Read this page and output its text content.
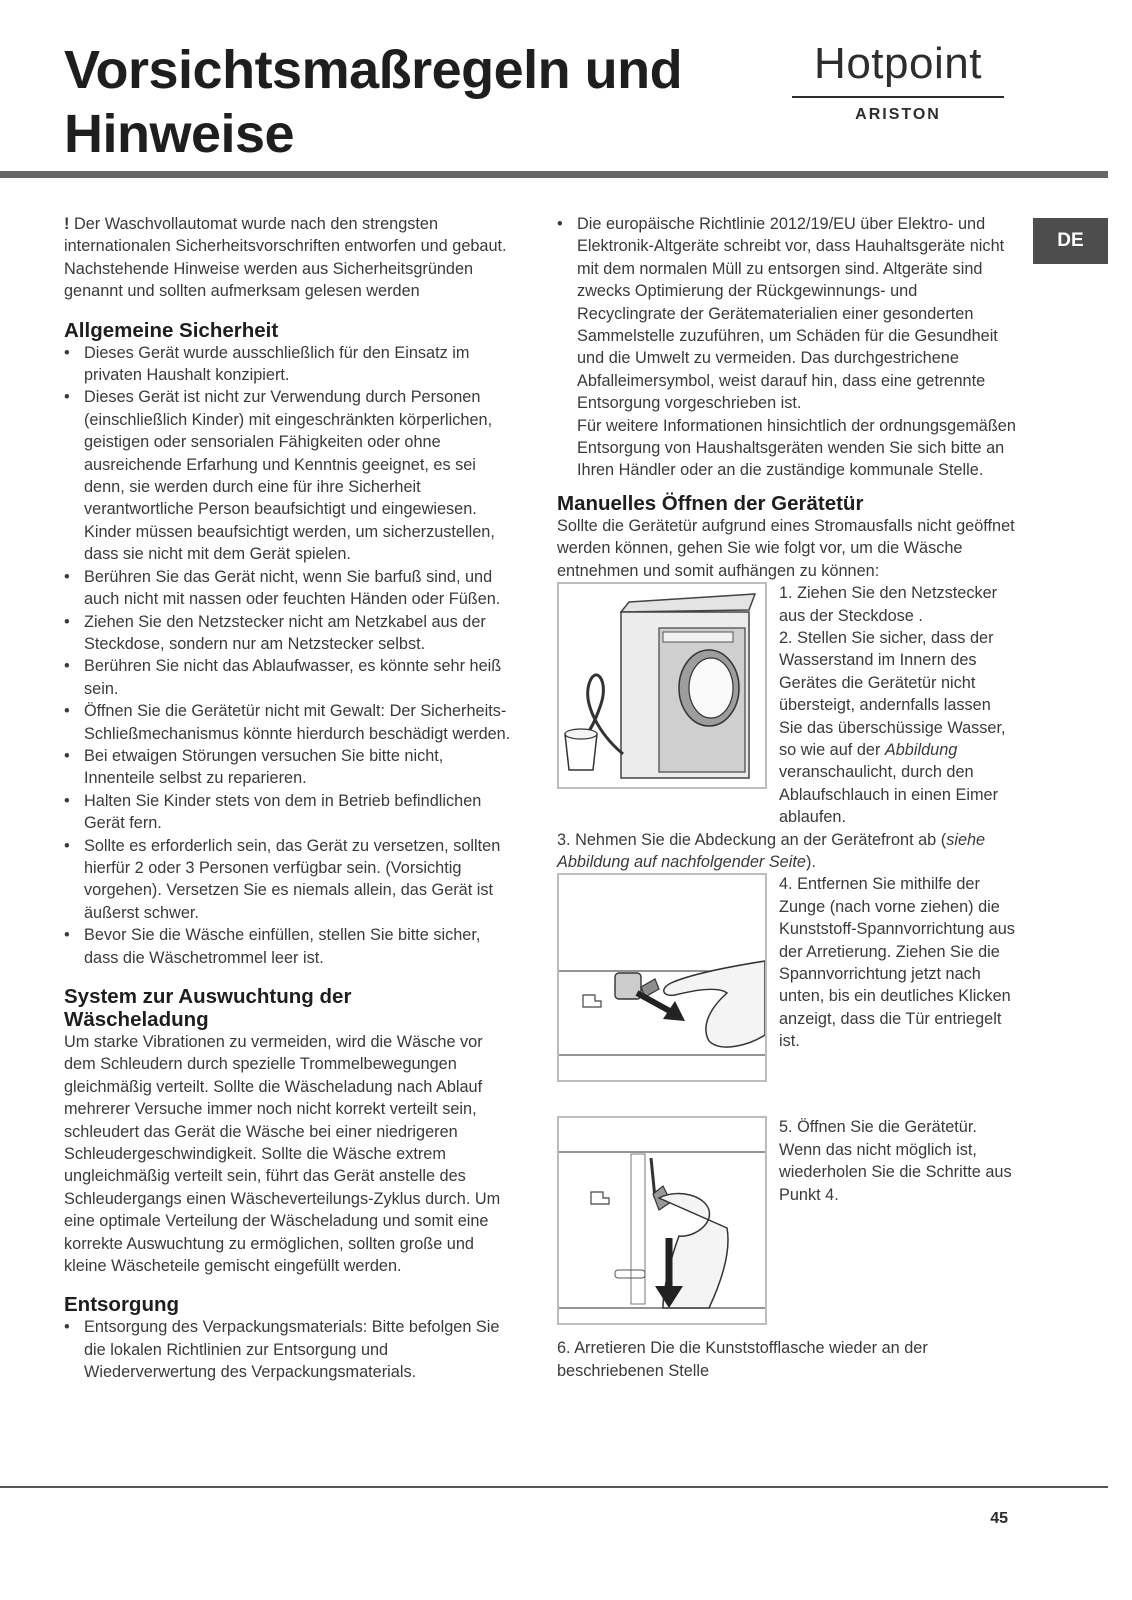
Vorsichtsmaßregeln und
Hinweise
Hotpoint
ARISTON
DE

! Der Waschvollautomat wurde nach den strengsten internationalen Sicherheitsvorschriften entworfen und gebaut. Nachstehende Hinweise werden aus Sicherheitsgründen genannt und sollten aufmerksam gelesen werden

Allgemeine Sicherheit
• Dieses Gerät wurde ausschließlich für den Einsatz im privaten Haushalt konzipiert.
• Dieses Gerät ist nicht zur Verwendung durch Personen (einschließlich Kinder) mit eingeschränkten körperlichen, geistigen oder sensorialen Fähigkeiten oder ohne ausreichende Erfarhung und Kenntnis geeignet, es sei denn, sie werden durch eine für ihre Sicherheit verantwortliche Person beaufsichtigt und eingewiesen. Kinder müssen beaufsichtigt werden, um sicherzustellen, dass sie nicht mit dem Gerät spielen.
• Berühren Sie das Gerät nicht, wenn Sie barfuß sind, und auch nicht mit nassen oder feuchten Händen oder Füßen.
• Ziehen Sie den Netzstecker nicht am Netzkabel aus der Steckdose, sondern nur am Netzstecker selbst.
• Berühren Sie nicht das Ablaufwasser, es könnte sehr heiß sein.
• Öffnen Sie die Gerätetür nicht mit Gewalt: Der Sicherheits-Schließmechanismus könnte hierdurch beschädigt werden.
• Bei etwaigen Störungen versuchen Sie bitte nicht, Innenteile selbst zu reparieren.
• Halten Sie Kinder stets von dem in Betrieb befindlichen Gerät fern.
• Sollte es erforderlich sein, das Gerät zu versetzen, sollten hierfür 2 oder 3 Personen verfügbar sein. (Vorsichtig vorgehen). Versetzen Sie es niemals allein, das Gerät ist äußerst schwer.
• Bevor Sie die Wäsche einfüllen, stellen Sie bitte sicher, dass die Wäschetrommel leer ist.
System zur Auswuchtung der
Wäscheladung

Um starke Vibrationen zu vermeiden, wird die Wäsche vor dem Schleudern durch spezielle Trommelbewegungen gleichmäßig verteilt. Sollte die Wäscheladung nach Ablauf mehrerer Versuche immer noch nicht korrekt verteilt sein, schleudert das Gerät die Wäsche bei einer niedrigeren Schleudergeschwindigkeit. Sollte die Wäsche extrem ungleichmäßig verteilt sein, führt das Gerät anstelle des Schleudergangs einen Wäscheverteilungs-Zyklus durch. Um eine optimale Verteilung der Wäscheladung und somit eine korrekte Auswuchtung zu ermöglichen, sollten große und kleine Wäscheteile gemischt eingefüllt werden.

Entsorgung
• Entsorgung des Verpackungsmaterials: Bitte befolgen Sie die lokalen Richtlinien zur Entsorgung und Wiederverwertung des Verpackungsmaterials.
• Die europäische Richtlinie 2012/19/EU über Elektro- und Elektronik-Altgeräte schreibt vor, dass Hauhaltsgeräte nicht mit dem normalen Müll zu entsorgen sind. Altgeräte sind zwecks Optimierung der Rückgewinnungs- und Recyclingrate der Gerätematerialien einer gesonderten Sammelstelle zuzuführen, um Schäden für die Gesundheit und die Umwelt zu vermeiden. Das durchgestrichene Abfalleimersymbol, weist darauf hin, dass eine getrennte Entsorgung vorgeschrieben ist.
Für weitere Informationen hinsichtlich der ordnungsgemäßen Entsorgung von Haushaltsgeräten wenden Sie sich bitte an Ihren Händler oder an die zuständige kommunale Stelle.
Manuelles Öffnen der Gerätetür

Sollte die Gerätetür aufgrund eines Stromausfalls nicht geöffnet werden können, gehen Sie wie folgt vor, um die Wäsche entnehmen und somit aufhängen zu können:

1. Ziehen Sie den Netzstecker aus der Steckdose .

2. Stellen Sie sicher, dass der Wasserstand im Innern des Gerätes die Gerätetür nicht übersteigt, andernfalls lassen Sie das überschüssige Wasser, so wie auf der Abbildung veranschaulicht, durch den Ablaufschlauch in einen Eimer ablaufen.

3. Nehmen Sie die Abdeckung an der Gerätefront ab (siehe Abbildung auf nachfolgender Seite).

4. Entfernen Sie mithilfe der Zunge (nach vorne ziehen) die Kunststoff-Spannvorrichtung aus der Arretierung. Ziehen Sie die Spannvorrichtung jetzt nach unten, bis ein deutliches Klicken anzeigt, dass die Tür entriegelt ist.

5. Öffnen Sie die Gerätetür. Wenn das nicht möglich ist, wiederholen Sie die Schritte aus Punkt 4.

6. Arretieren Die die Kunststofflasche wieder an der beschriebenen Stelle

45
